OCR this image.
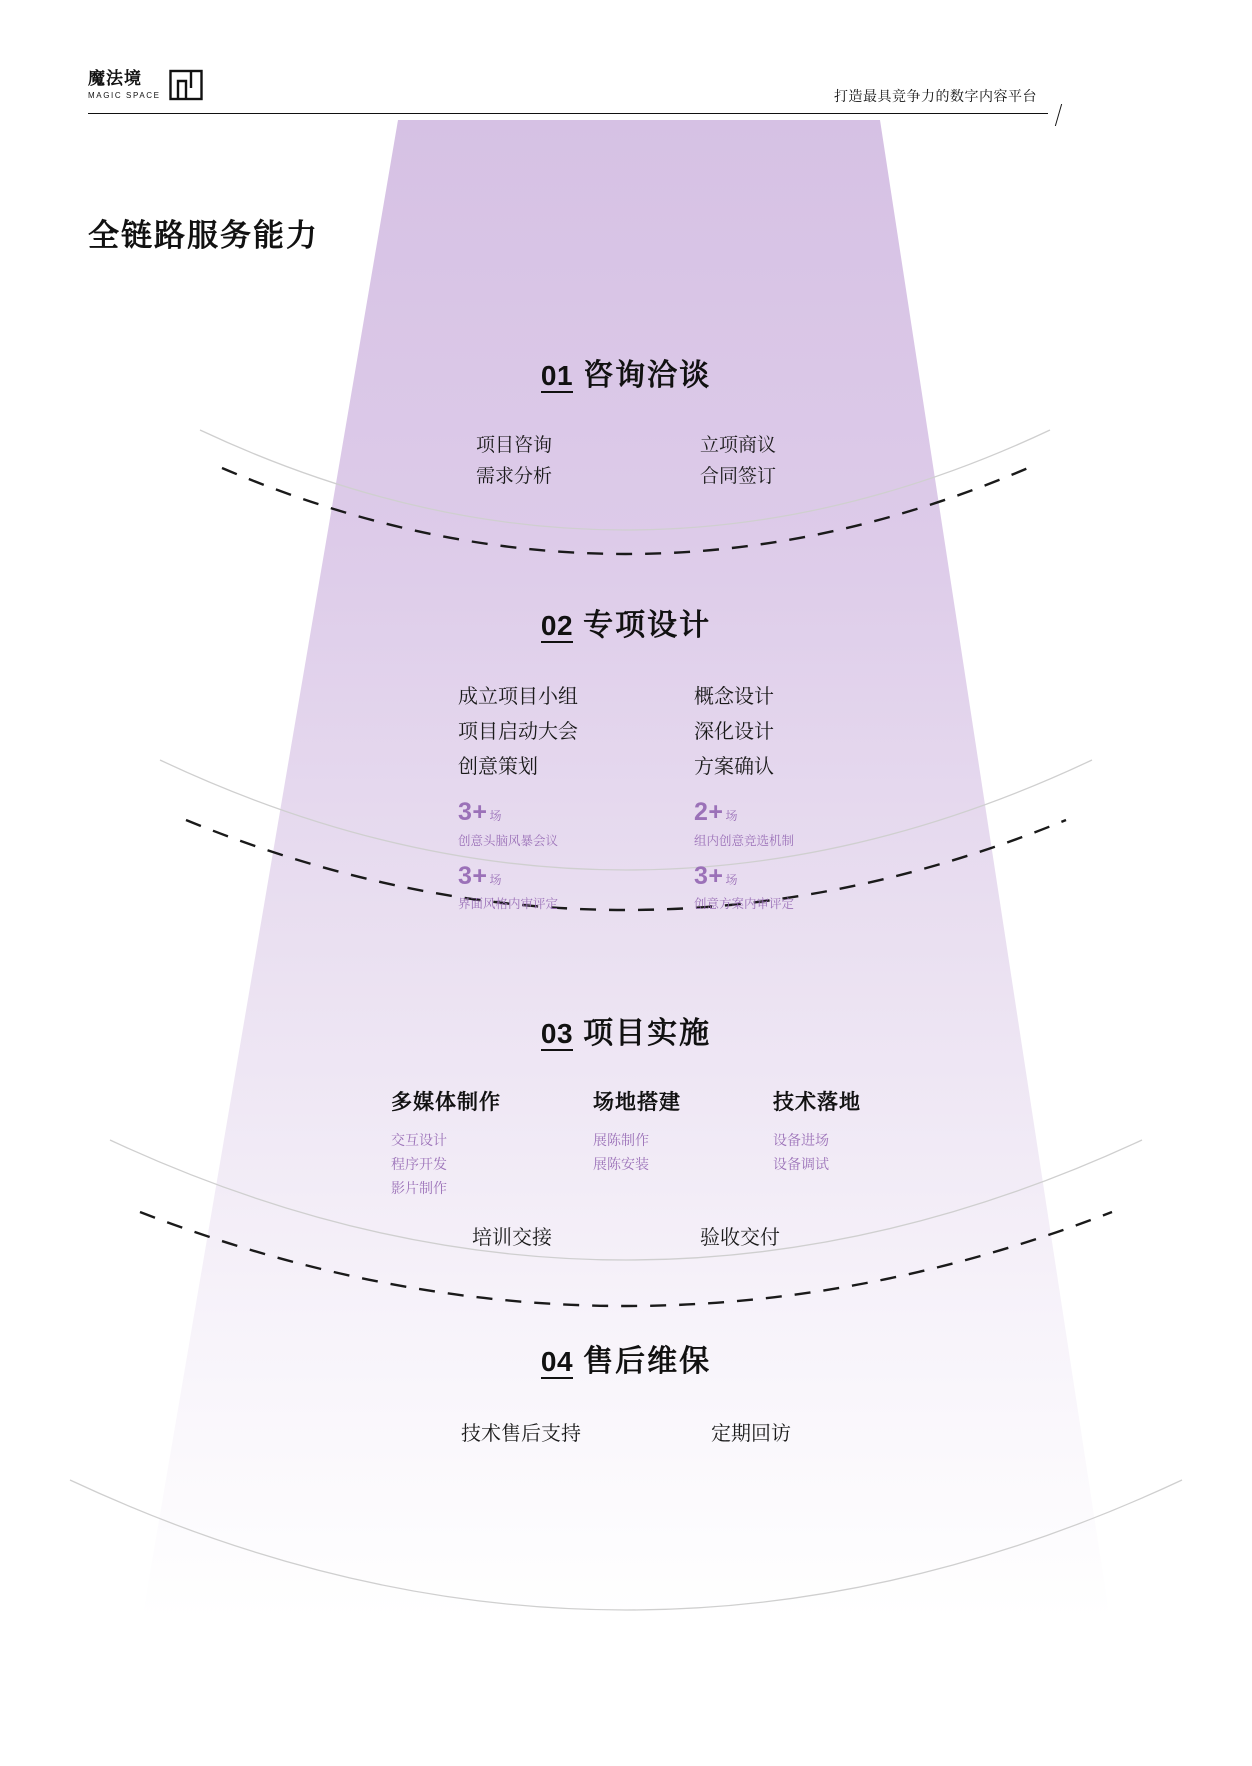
魔法境
MAGIC SPACE	打造最具竞争力的数字内容平台
全链路服务能力
01 咨询洽谈
项目咨询
需求分析
立项商议
合同签订
02 专项设计
成立项目小组
项目启动大会
创意策划
3+ 场
创意头脑风暴会议
3+ 场
界面风格内审评定
概念设计
深化设计
方案确认
2+ 场
组内创意竞选机制
3+ 场
创意方案内审评定
03 项目实施
多媒体制作
交互设计
程序开发
影片制作
场地搭建
展陈制作
展陈安装
技术落地
设备进场
设备调试
培训交接	验收交付
04 售后维保
技术售后支持	定期回访
